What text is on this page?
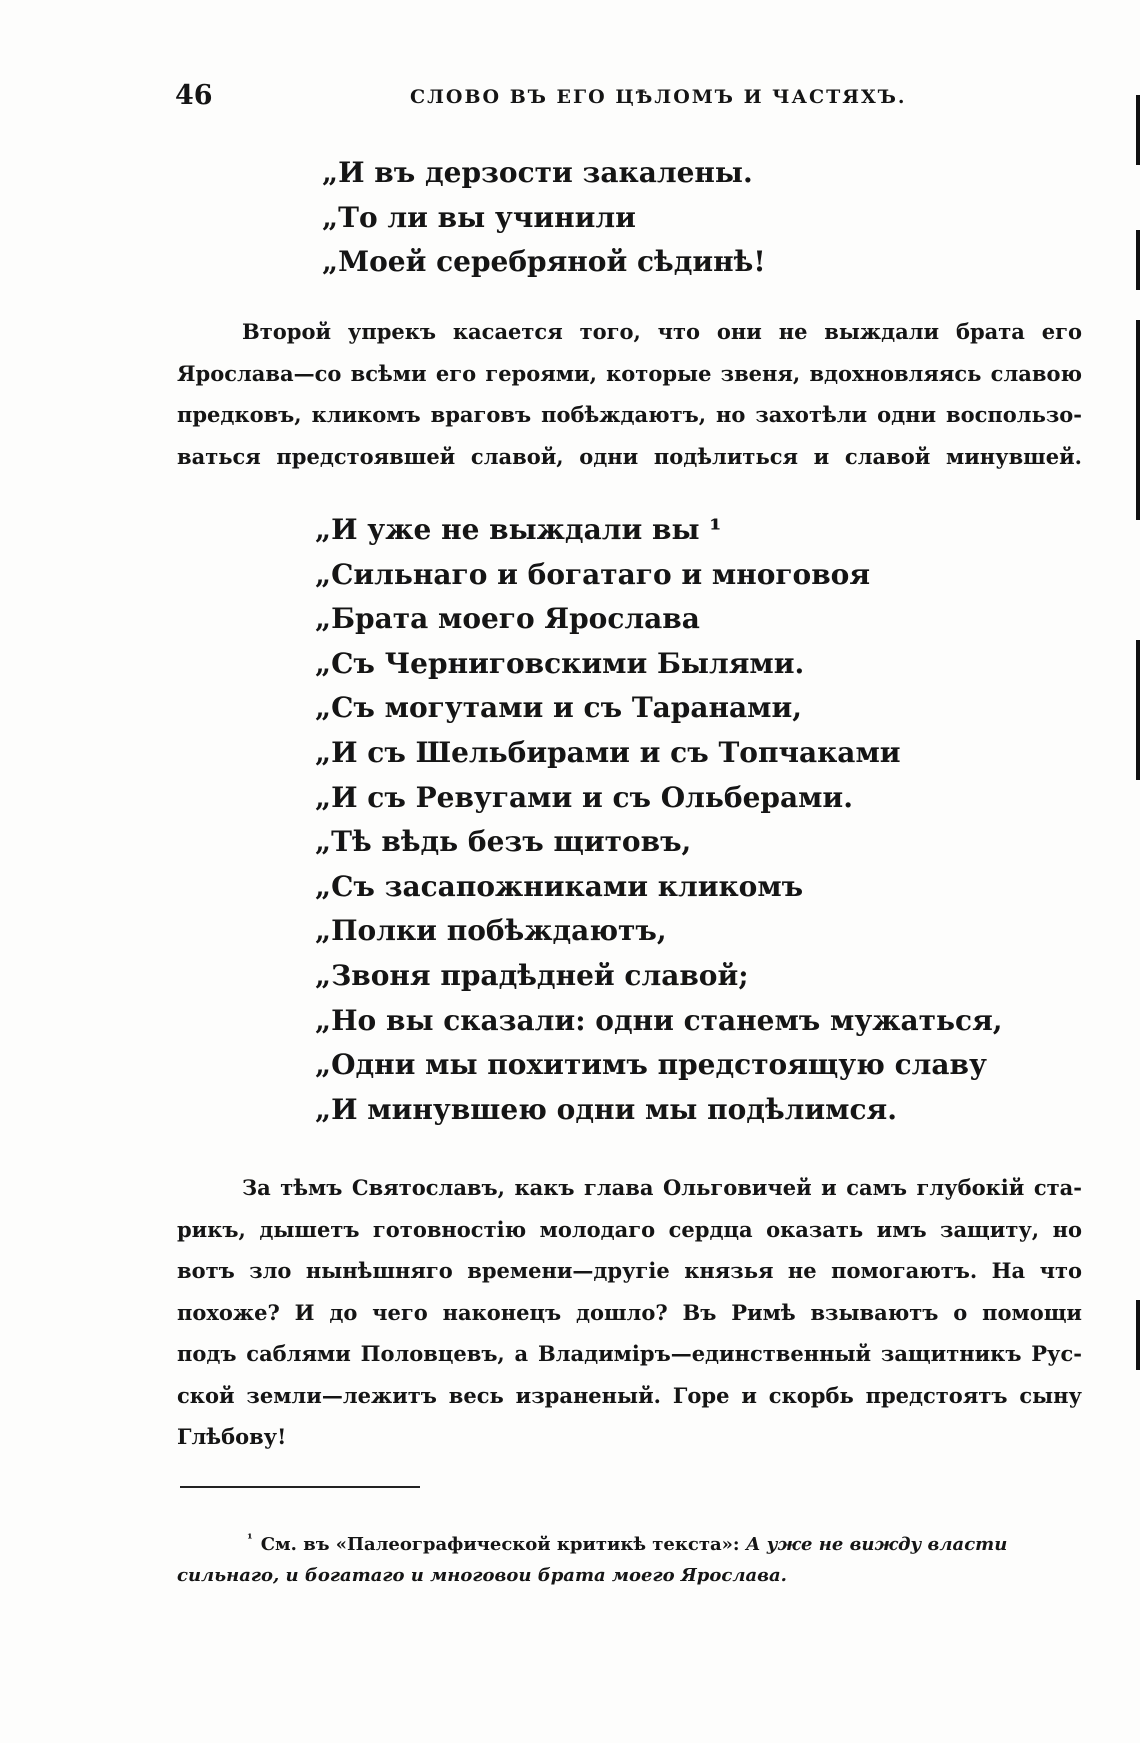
46	СЛОВО ВЪ ЕГО ЦѢЛОМЪ И ЧАСТЯХЪ.
„И въ дерзости закалены.
„То ли вы учинили
„Моей серебряной сѣдинѣ!
Второй упрекъ касается того, что они не выждали брата его
Ярослава—со всѣми его героями, которые звеня, вдохновляясь славою
предковъ, кликомъ враговъ побѣждаютъ, но захотѣли одни воспользо-
ваться предстоявшей славой, одни подѣлиться и славой минувшей.
„И уже не выждали вы ¹
„Сильнаго и богатаго и многовоя
„Брата моего Ярослава
„Съ Черниговскими Былями.
„Съ могутами и съ Таранами,
„И съ Шельбирами и съ Топчаками
„И съ Ревугами и съ Ольберами.
„Тѣ вѣдь безъ щитовъ,
„Съ засапожниками кликомъ
„Полки побѣждаютъ,
„Звоня прадѣдней славой;
„Но вы сказали: одни станемъ мужаться,
„Одни мы похитимъ предстоящую славу
„И минувшею одни мы подѣлимся.
За тѣмъ Святославъ, какъ глава Ольговичей и самъ глубокій ста-
рикъ, дышетъ готовностію молодаго сердца оказать имъ защиту, но
вотъ зло нынѣшняго времени—другіе князья не помогаютъ. На что
похоже? И до чего наконецъ дошло? Въ Римѣ взываютъ о помощи
подъ саблями Половцевъ, а Владиміръ—единственный защитникъ Рус-
ской земли—лежитъ весь израненый. Горе и скорбь предстоятъ сыну
Глѣбову!
$^{^1}$ См. въ «Палеографической критикѣ текста»: А уже не вижду власти
сильнаго, и богатаго и многовои брата моего Ярослава.
